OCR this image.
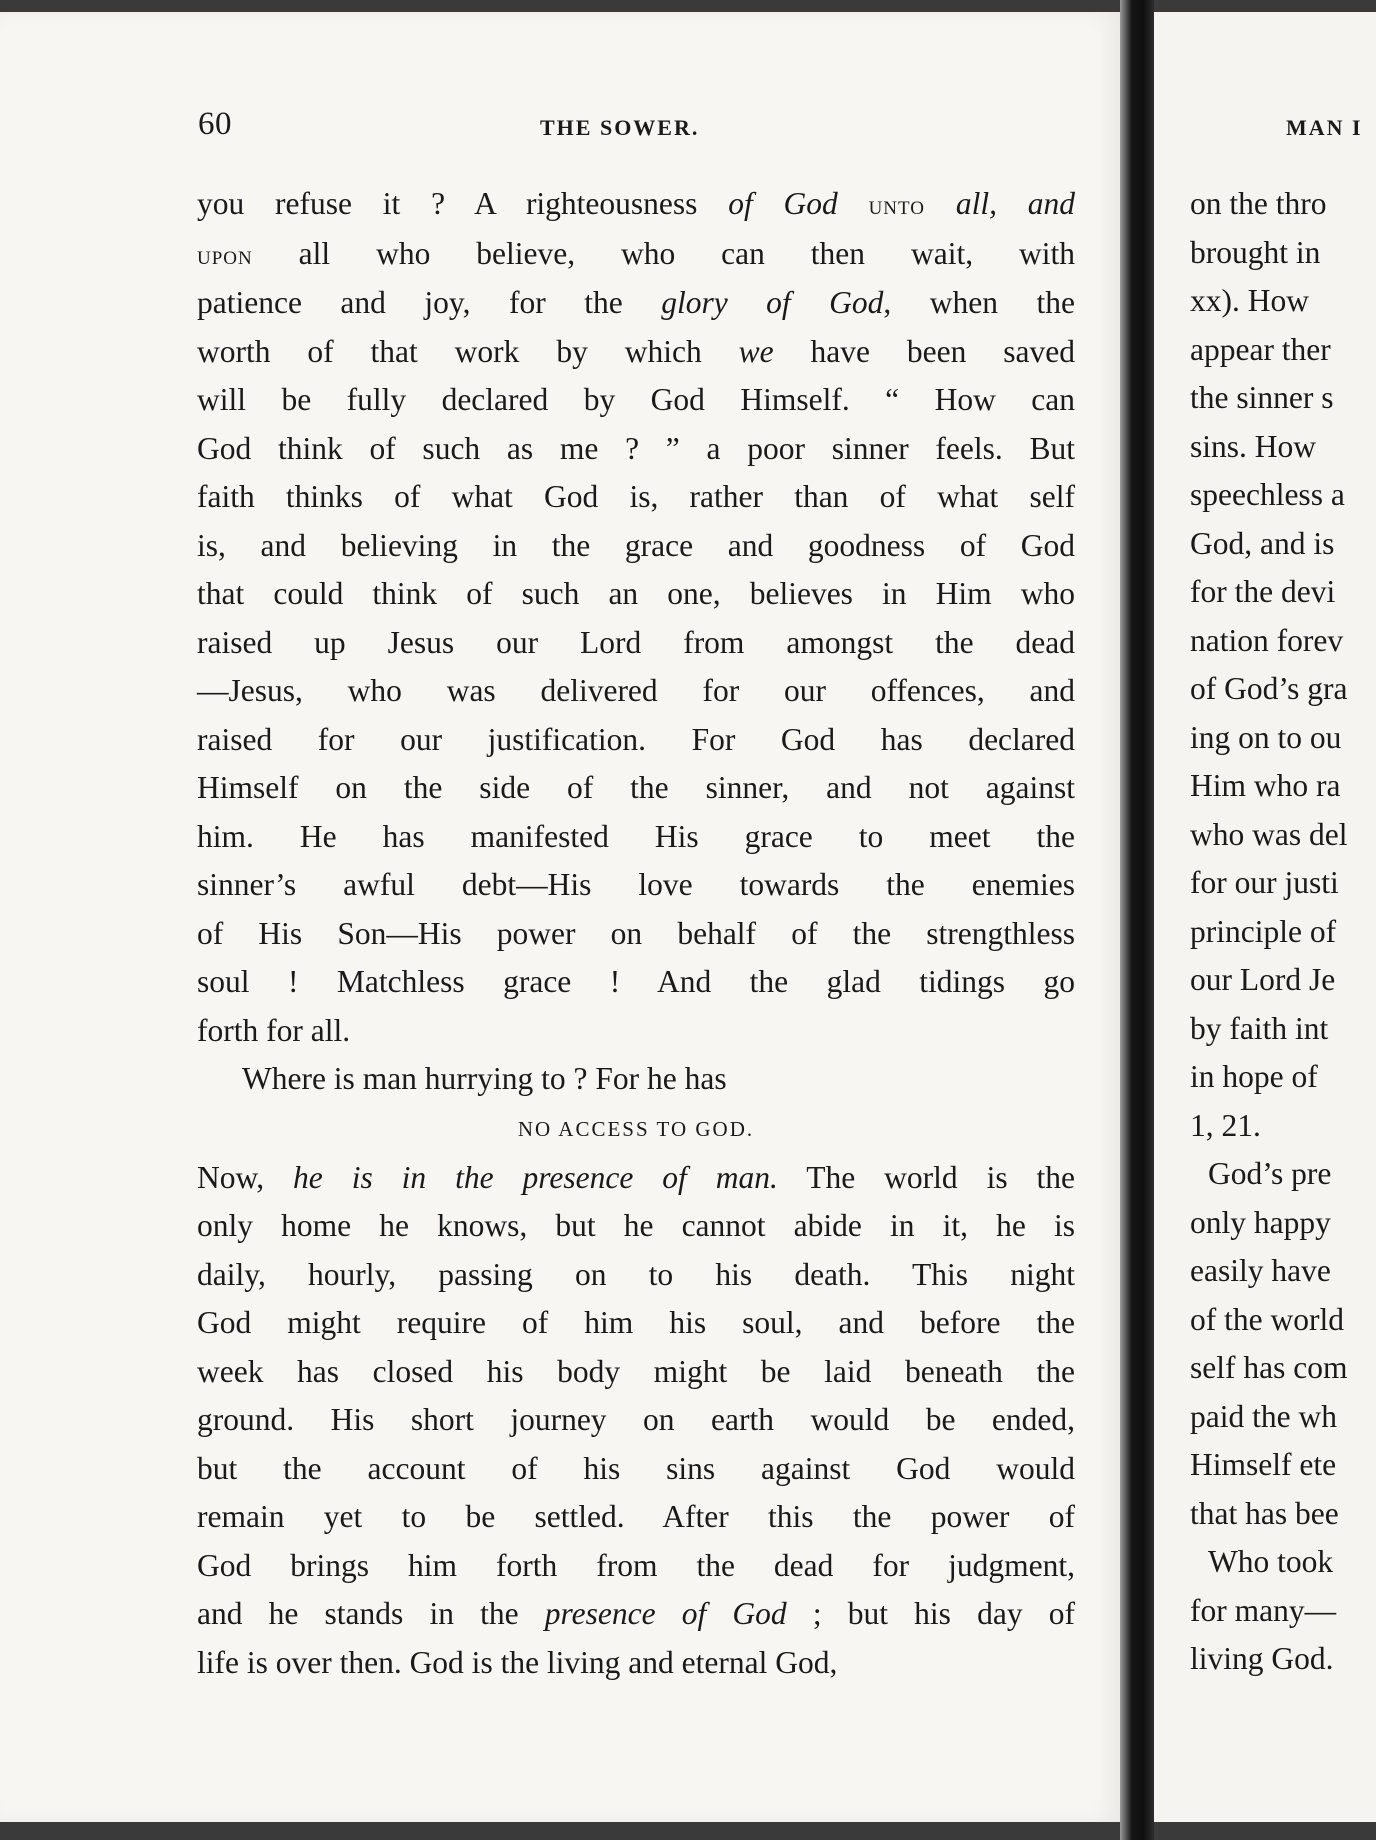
60	THE SOWER.
you refuse it ? A righteousness of God unto all, and
upon all who believe, who can then wait, with
patience and joy, for the glory of God, when the
worth of that work by which we have been saved
will be fully declared by God Himself. “ How can
God think of such as me ? ” a poor sinner feels. But
faith thinks of what God is, rather than of what self
is, and believing in the grace and goodness of God
that could think of such an one, believes in Him who
raised up Jesus our Lord from amongst the dead
—Jesus, who was delivered for our offences, and
raised for our justification. For God has declared
Himself on the side of the sinner, and not against
him. He has manifested His grace to meet the
sinner’s awful debt—His love towards the enemies
of His Son—His power on behalf of the strengthless
soul ! Matchless grace ! And the glad tidings go
forth for all.
Where is man hurrying to ? For he has
NO ACCESS TO GOD.
Now, he is in the presence of man. The world is the
only home he knows, but he cannot abide in it, he is
daily, hourly, passing on to his death. This night
God might require of him his soul, and before the
week has closed his body might be laid beneath the
ground. His short journey on earth would be ended,
but the account of his sins against God would
remain yet to be settled. After this the power of
God brings him forth from the dead for judgment,
and he stands in the presence of God ; but his day of
life is over then. God is the living and eternal God,
MAN I
on the thro
brought in
xx). How
appear ther
the sinner s
sins. How
speechless a
God, and is
for the devi
nation forev
of God’s gra
ing on to ou
Him who ra
who was del
for our justi
principle of
our Lord Je
by faith int
in hope of
1, 21.
God’s pre
only happy
easily have
of the world
self has com
paid the wh
Himself ete
that has bee
Who took
for many—
living God.
